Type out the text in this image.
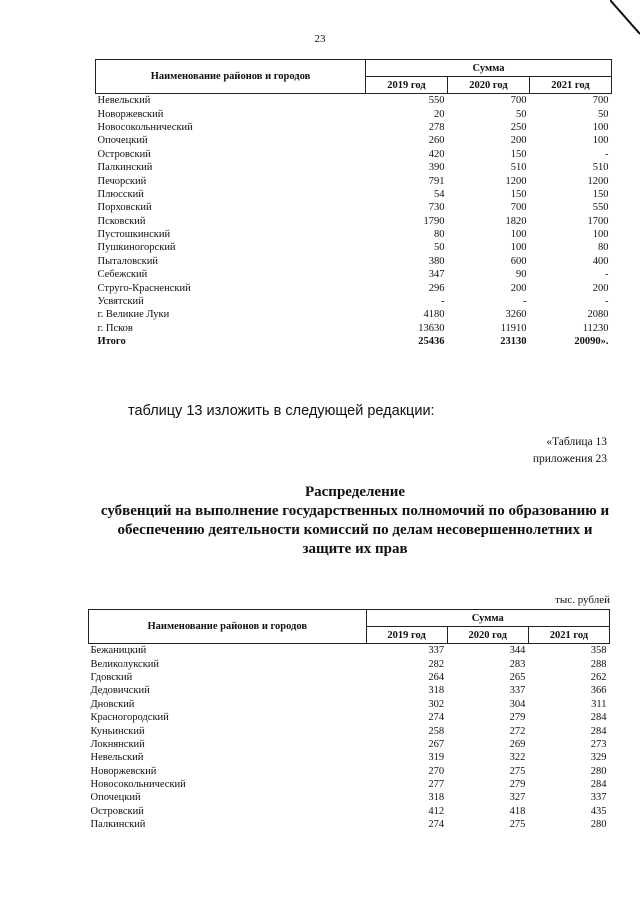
23
Наименование районов и городов	Сумма		
	2019 год	2020 год	2021 год
Невельский	550	700	700
Новоржевский	20	50	50
Новосокольнический	278	250	100
Опочецкий	260	200	100
Островский	420	150	-
Палкинский	390	510	510
Печорский	791	1200	1200
Плюсский	54	150	150
Порховский	730	700	550
Псковский	1790	1820	1700
Пустошкинский	80	100	100
Пушкиногорский	50	100	80
Пыталовский	380	600	400
Себежский	347	90	-
Струго-Красненский	296	200	200
Усвятский	-	-	-
г. Великие Луки	4180	3260	2080
г. Псков	13630	11910	11230
Итого	25436	23130	20090».
таблицу 13 изложить в следующей редакции:
«Таблица 13
приложения 23
Распределение
субвенций на выполнение государственных полномочий по образованию и
обеспечению деятельности комиссий по делам несовершеннолетних и
защите их прав
тыс. рублей
Наименование районов и городов	Сумма		
	2019 год	2020 год	2021 год
Бежаницкий	337	344	358
Великолукский	282	283	288
Гдовский	264	265	262
Дедовичский	318	337	366
Дновский	302	304	311
Красногородский	274	279	284
Куньинский	258	272	284
Локнянский	267	269	273
Невельский	319	322	329
Новоржевский	270	275	280
Новосокольнический	277	279	284
Опочецкий	318	327	337
Островский	412	418	435
Палкинский	274	275	280
